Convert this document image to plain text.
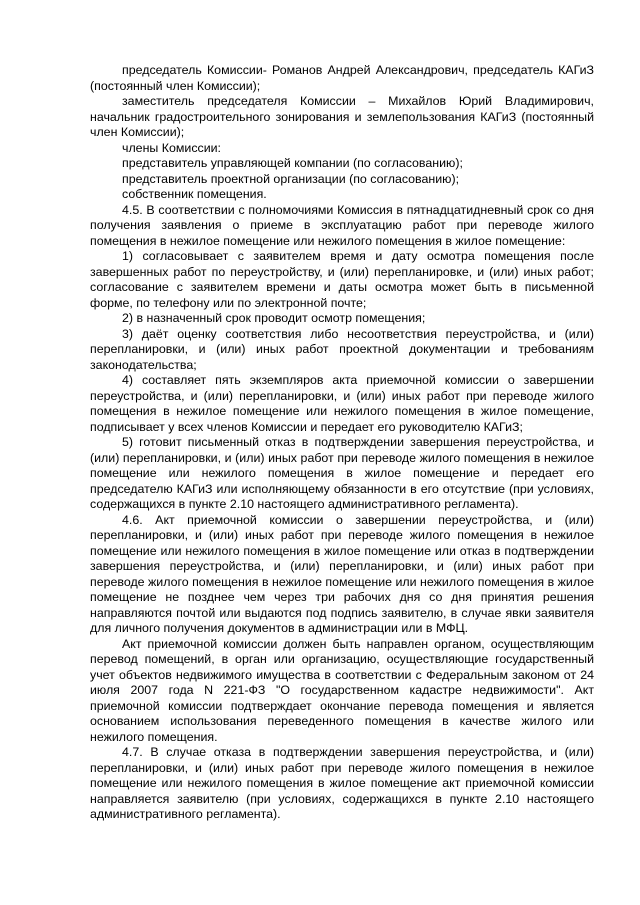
председатель Комиссии- Романов Андрей Александрович, председатель КАГиЗ (постоянный член Комиссии);

заместитель председателя Комиссии – Михайлов Юрий Владимирович, начальник градостроительного зонирования и землепользования КАГиЗ (постоянный член Комиссии);

члены Комиссии:

представитель управляющей компании (по согласованию);

представитель проектной организации (по согласованию);

собственник помещения.

4.5. В соответствии с полномочиями Комиссия в пятнадцатидневный срок со дня получения заявления о приеме в эксплуатацию работ при переводе жилого помещения в нежилое помещение или нежилого помещения в жилое помещение:

1) согласовывает с заявителем время и дату осмотра помещения после завершенных работ по переустройству, и (или) перепланировке, и (или) иных работ; согласование с заявителем времени и даты осмотра может быть в письменной форме, по телефону или по электронной почте;

2) в назначенный срок проводит осмотр помещения;

3) даёт оценку соответствия либо несоответствия переустройства, и (или) перепланировки, и (или) иных работ проектной документации и требованиям законодательства;

4) составляет пять экземпляров акта приемочной комиссии о завершении переустройства, и (или) перепланировки, и (или) иных работ при переводе жилого помещения в нежилое помещение или нежилого помещения в жилое помещение, подписывает у всех членов Комиссии и передает его руководителю КАГиЗ;

5) готовит письменный отказ в подтверждении завершения переустройства, и (или) перепланировки, и (или) иных работ при переводе жилого помещения в нежилое помещение или нежилого помещения в жилое помещение и передает его председателю КАГиЗ или исполняющему обязанности в его отсутствие (при условиях, содержащихся в пункте 2.10 настоящего административного регламента).

4.6. Акт приемочной комиссии о завершении переустройства, и (или) перепланировки, и (или) иных работ при переводе жилого помещения в нежилое помещение или нежилого помещения в жилое помещение или отказ в подтверждении завершения переустройства, и (или) перепланировки, и (или) иных работ при переводе жилого помещения в нежилое помещение или нежилого помещения в жилое помещение не позднее чем через три рабочих дня со дня принятия решения направляются почтой или выдаются под подпись заявителю, в случае явки заявителя для личного получения документов в администрации или в МФЦ.

Акт приемочной комиссии должен быть направлен органом, осуществляющим перевод помещений, в орган или организацию, осуществляющие государственный учет объектов недвижимого имущества в соответствии с Федеральным законом от 24 июля 2007 года N 221-ФЗ "О государственном кадастре недвижимости". Акт приемочной комиссии подтверждает окончание перевода помещения и является основанием использования переведенного помещения в качестве жилого или нежилого помещения.

4.7. В случае отказа в подтверждении завершения переустройства, и (или) перепланировки, и (или) иных работ при переводе жилого помещения в нежилое помещение или нежилого помещения в жилое помещение акт приемочной комиссии направляется заявителю (при условиях, содержащихся в пункте 2.10 настоящего административного регламента).
